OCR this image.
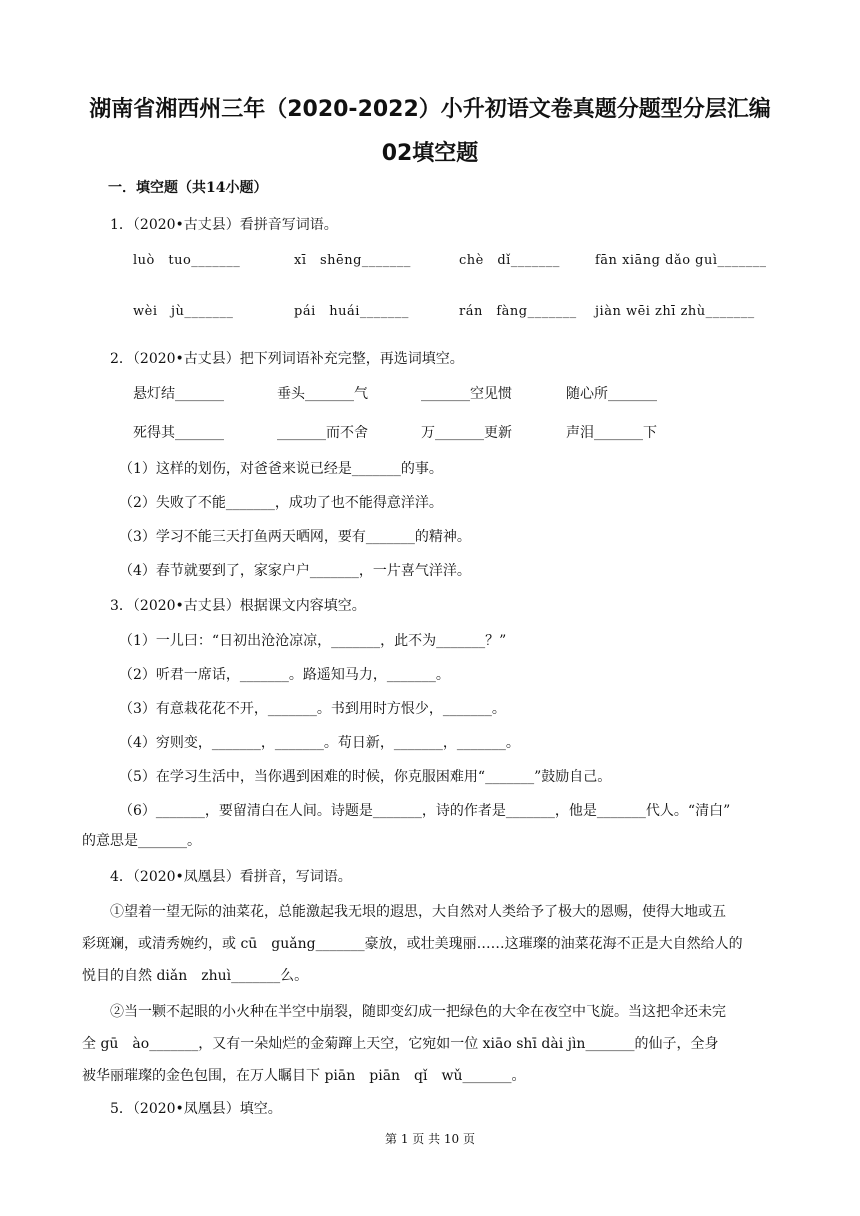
湖南省湘西州三年（2020-2022）小升初语文卷真题分题型分层汇编
02填空题
一．填空题（共14小题）
1．（2020•古丈县）看拼音写词语。
luò　tuo_______	xī　shēng_______	chè　dǐ_______	fān xiāng dǎo guì_______
wèi　jù_______	pái　huái_______	rán　fàng_______ jiàn wēi zhī zhù_______
2．（2020•古丈县）把下列词语补充完整，再选词填空。
悬灯结_______	垂头_______气	_______空见惯	随心所_______
死得其_______	_______而不舍	万_______更新	声泪_______下
（1）这样的划伤，对爸爸来说已经是_______的事。
（2）失败了不能_______，成功了也不能得意洋洋。
（3）学习不能三天打鱼两天晒网，要有_______的精神。
（4）春节就要到了，家家户户_______，一片喜气洋洋。
3．（2020•古丈县）根据课文内容填空。
（1）一儿曰：“日初出沧沧凉凉，_______，此不为_______？”
（2）听君一席话，_______。路遥知马力，_______。
（3）有意栽花花不开，_______。书到用时方恨少，_______。
（4）穷则变，_______，_______。苟日新，_______，_______。
（5）在学习生活中，当你遇到困难的时候，你克服困难用“_______”鼓励自己。
（6）_______，要留清白在人间。诗题是_______，诗的作者是_______，他是_______代人。“清白”
的意思是_______。
4．（2020•凤凰县）看拼音，写词语。
①望着一望无际的油菜花，总能激起我无垠的遐思，大自然对人类给予了极大的恩赐，使得大地或五
彩斑斓，或清秀婉约，或 cū　guǎng_______豪放，或壮美瑰丽……这璀璨的油菜花海不正是大自然给人的
悦目的自然 diǎn　zhuì_______么。
②当一颗不起眼的小火种在半空中崩裂，随即变幻成一把绿色的大伞在夜空中飞旋。当这把伞还未完
全 gū　ào_______，又有一朵灿烂的金菊蹿上天空，它宛如一位 xiāo shī dài jìn_______的仙子，全身
被华丽璀璨的金色包围，在万人瞩目下 piān　piān　qǐ　wǔ_______。
5．（2020•凤凰县）填空。
第 1 页 共 10 页
